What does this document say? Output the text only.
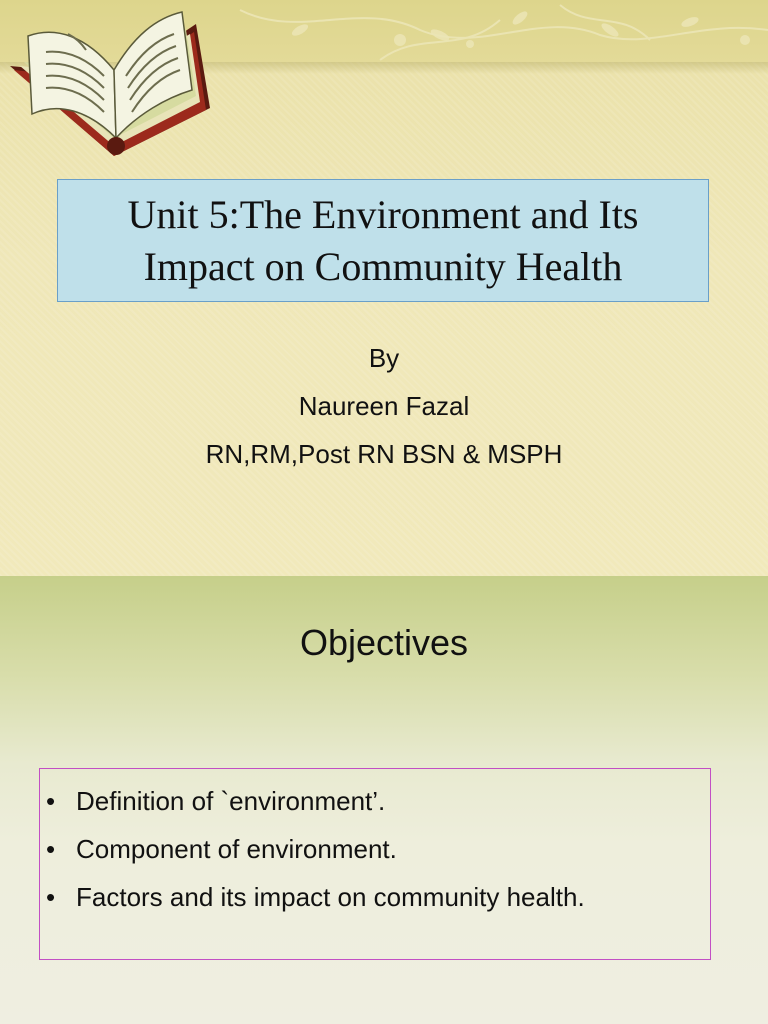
Unit 5:The Environment and Its Impact on Community Health
By
Naureen Fazal
RN,RM,Post RN BSN & MSPH
Objectives
• Definition of `environment’.
• Component of environment.
• Factors and its impact on community health.
